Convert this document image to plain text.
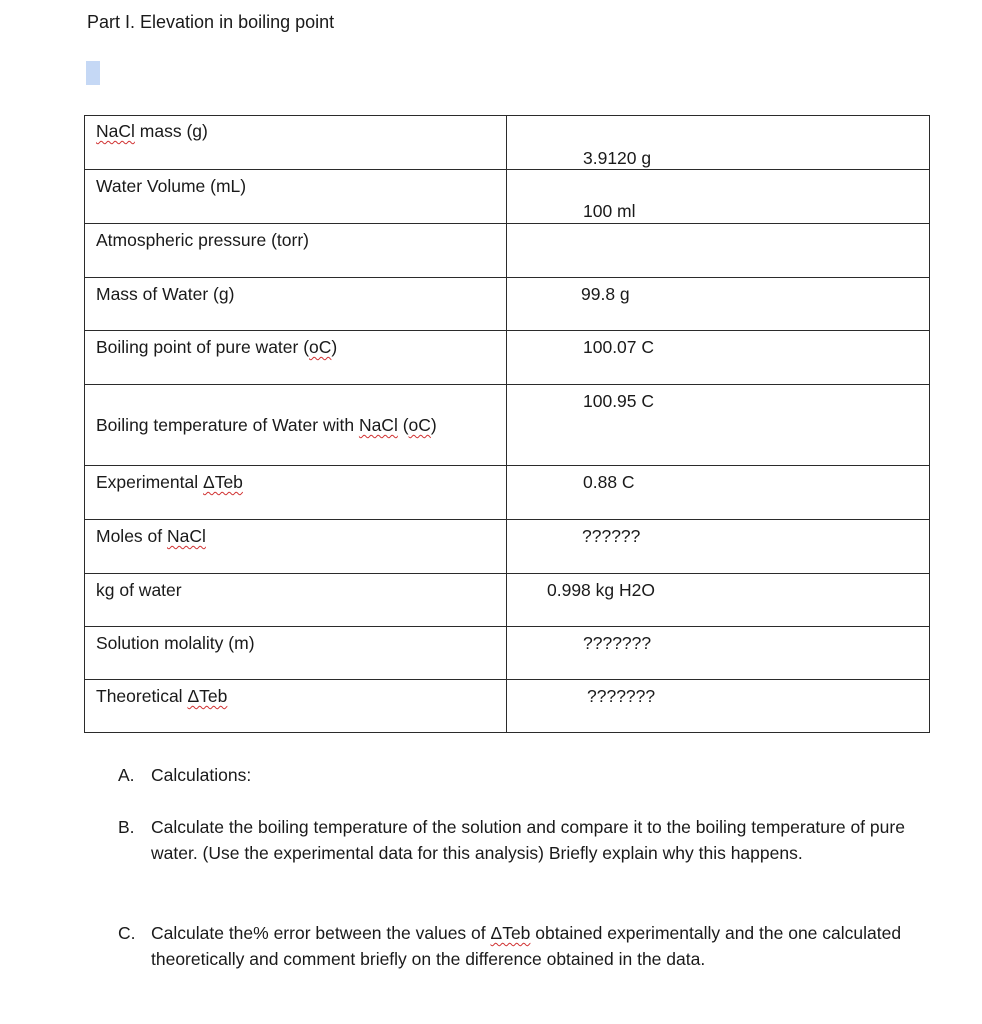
Part I. Elevation in boiling point
NaCl mass (g)	3.9120 g

Water Volume (mL)	100 ml

Atmospheric pressure (torr)	

Mass of Water (g)	99.8 g

Boiling point of pure water (oC)	100.07 C

Boiling temperature of Water with NaCl (oC)	100.95 C

Experimental ΔTeb	0.88 C

Moles of NaCl	??????

kg of water	0.998 kg H2O

Solution molality (m)	???????

Theoretical ΔTeb	???????
A. Calculations:
B. Calculate the boiling temperature of the solution and compare it to the boiling temperature of pure water. (Use the experimental data for this analysis) Briefly explain why this happens.
C. Calculate the% error between the values of ΔTeb obtained experimentally and the one calculated theoretically and comment briefly on the difference obtained in the data.
